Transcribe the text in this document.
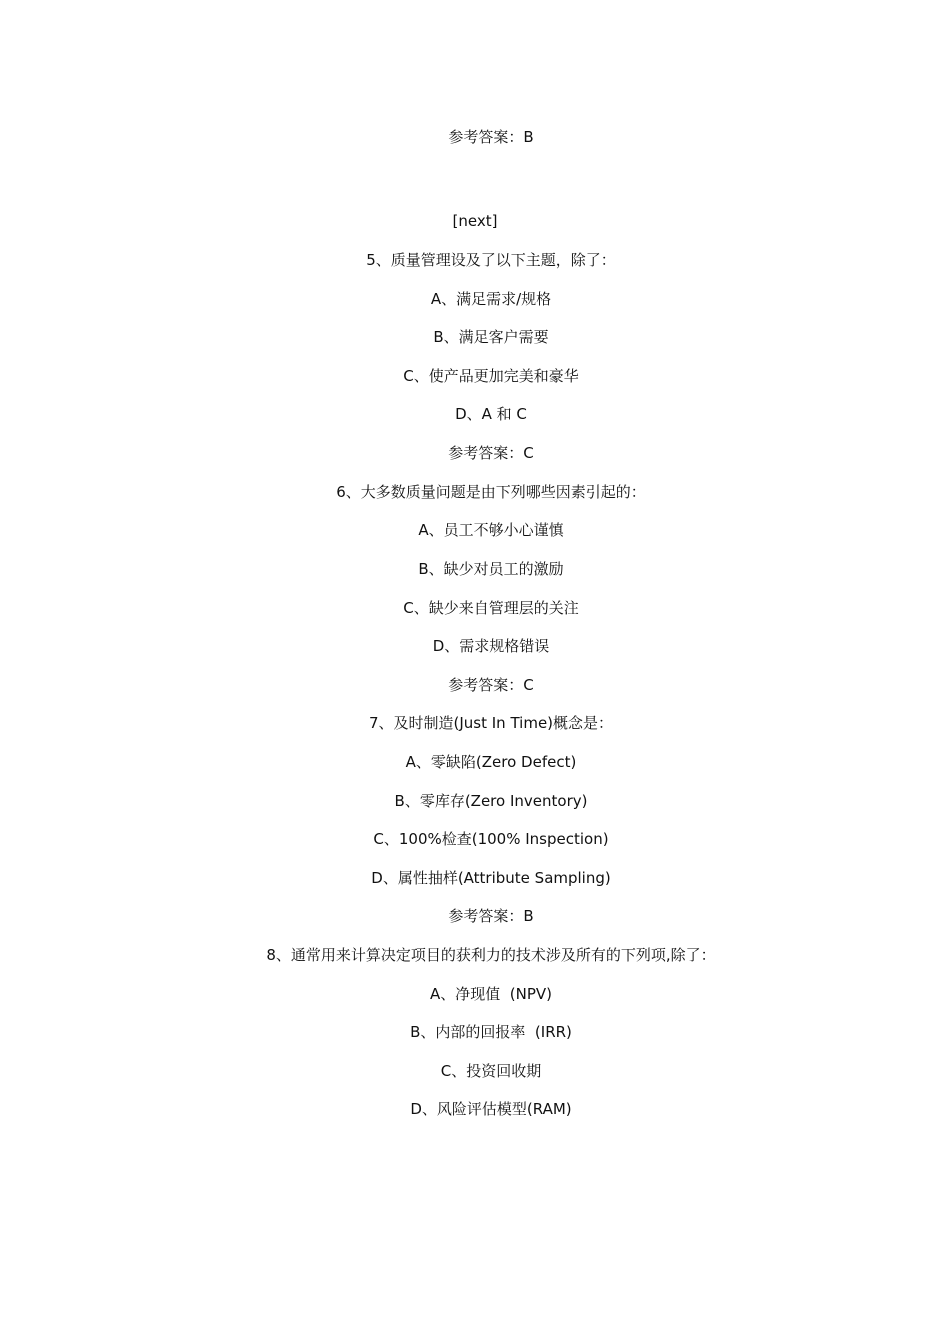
参考答案：B
[next]
5、质量管理设及了以下主题，除了：
A、满足需求/规格
B、满足客户需要
C、使产品更加完美和豪华
D、A 和 C
参考答案：C
6、大多数质量问题是由下列哪些因素引起的：
A、员工不够小心谨慎
B、缺少对员工的激励
C、缺少来自管理层的关注
D、需求规格错误
参考答案：C
7、及时制造(Just In Time)概念是：
A、零缺陷(Zero Defect)
B、零库存(Zero Inventory)
C、100%检查(100% Inspection)
D、属性抽样(Attribute Sampling)
参考答案：B
8、通常用来计算决定项目的获利力的技术涉及所有的下列项,除了：
A、净现值  (NPV)
B、内部的回报率  (IRR)
C、投资回收期
D、风险评估模型(RAM)
